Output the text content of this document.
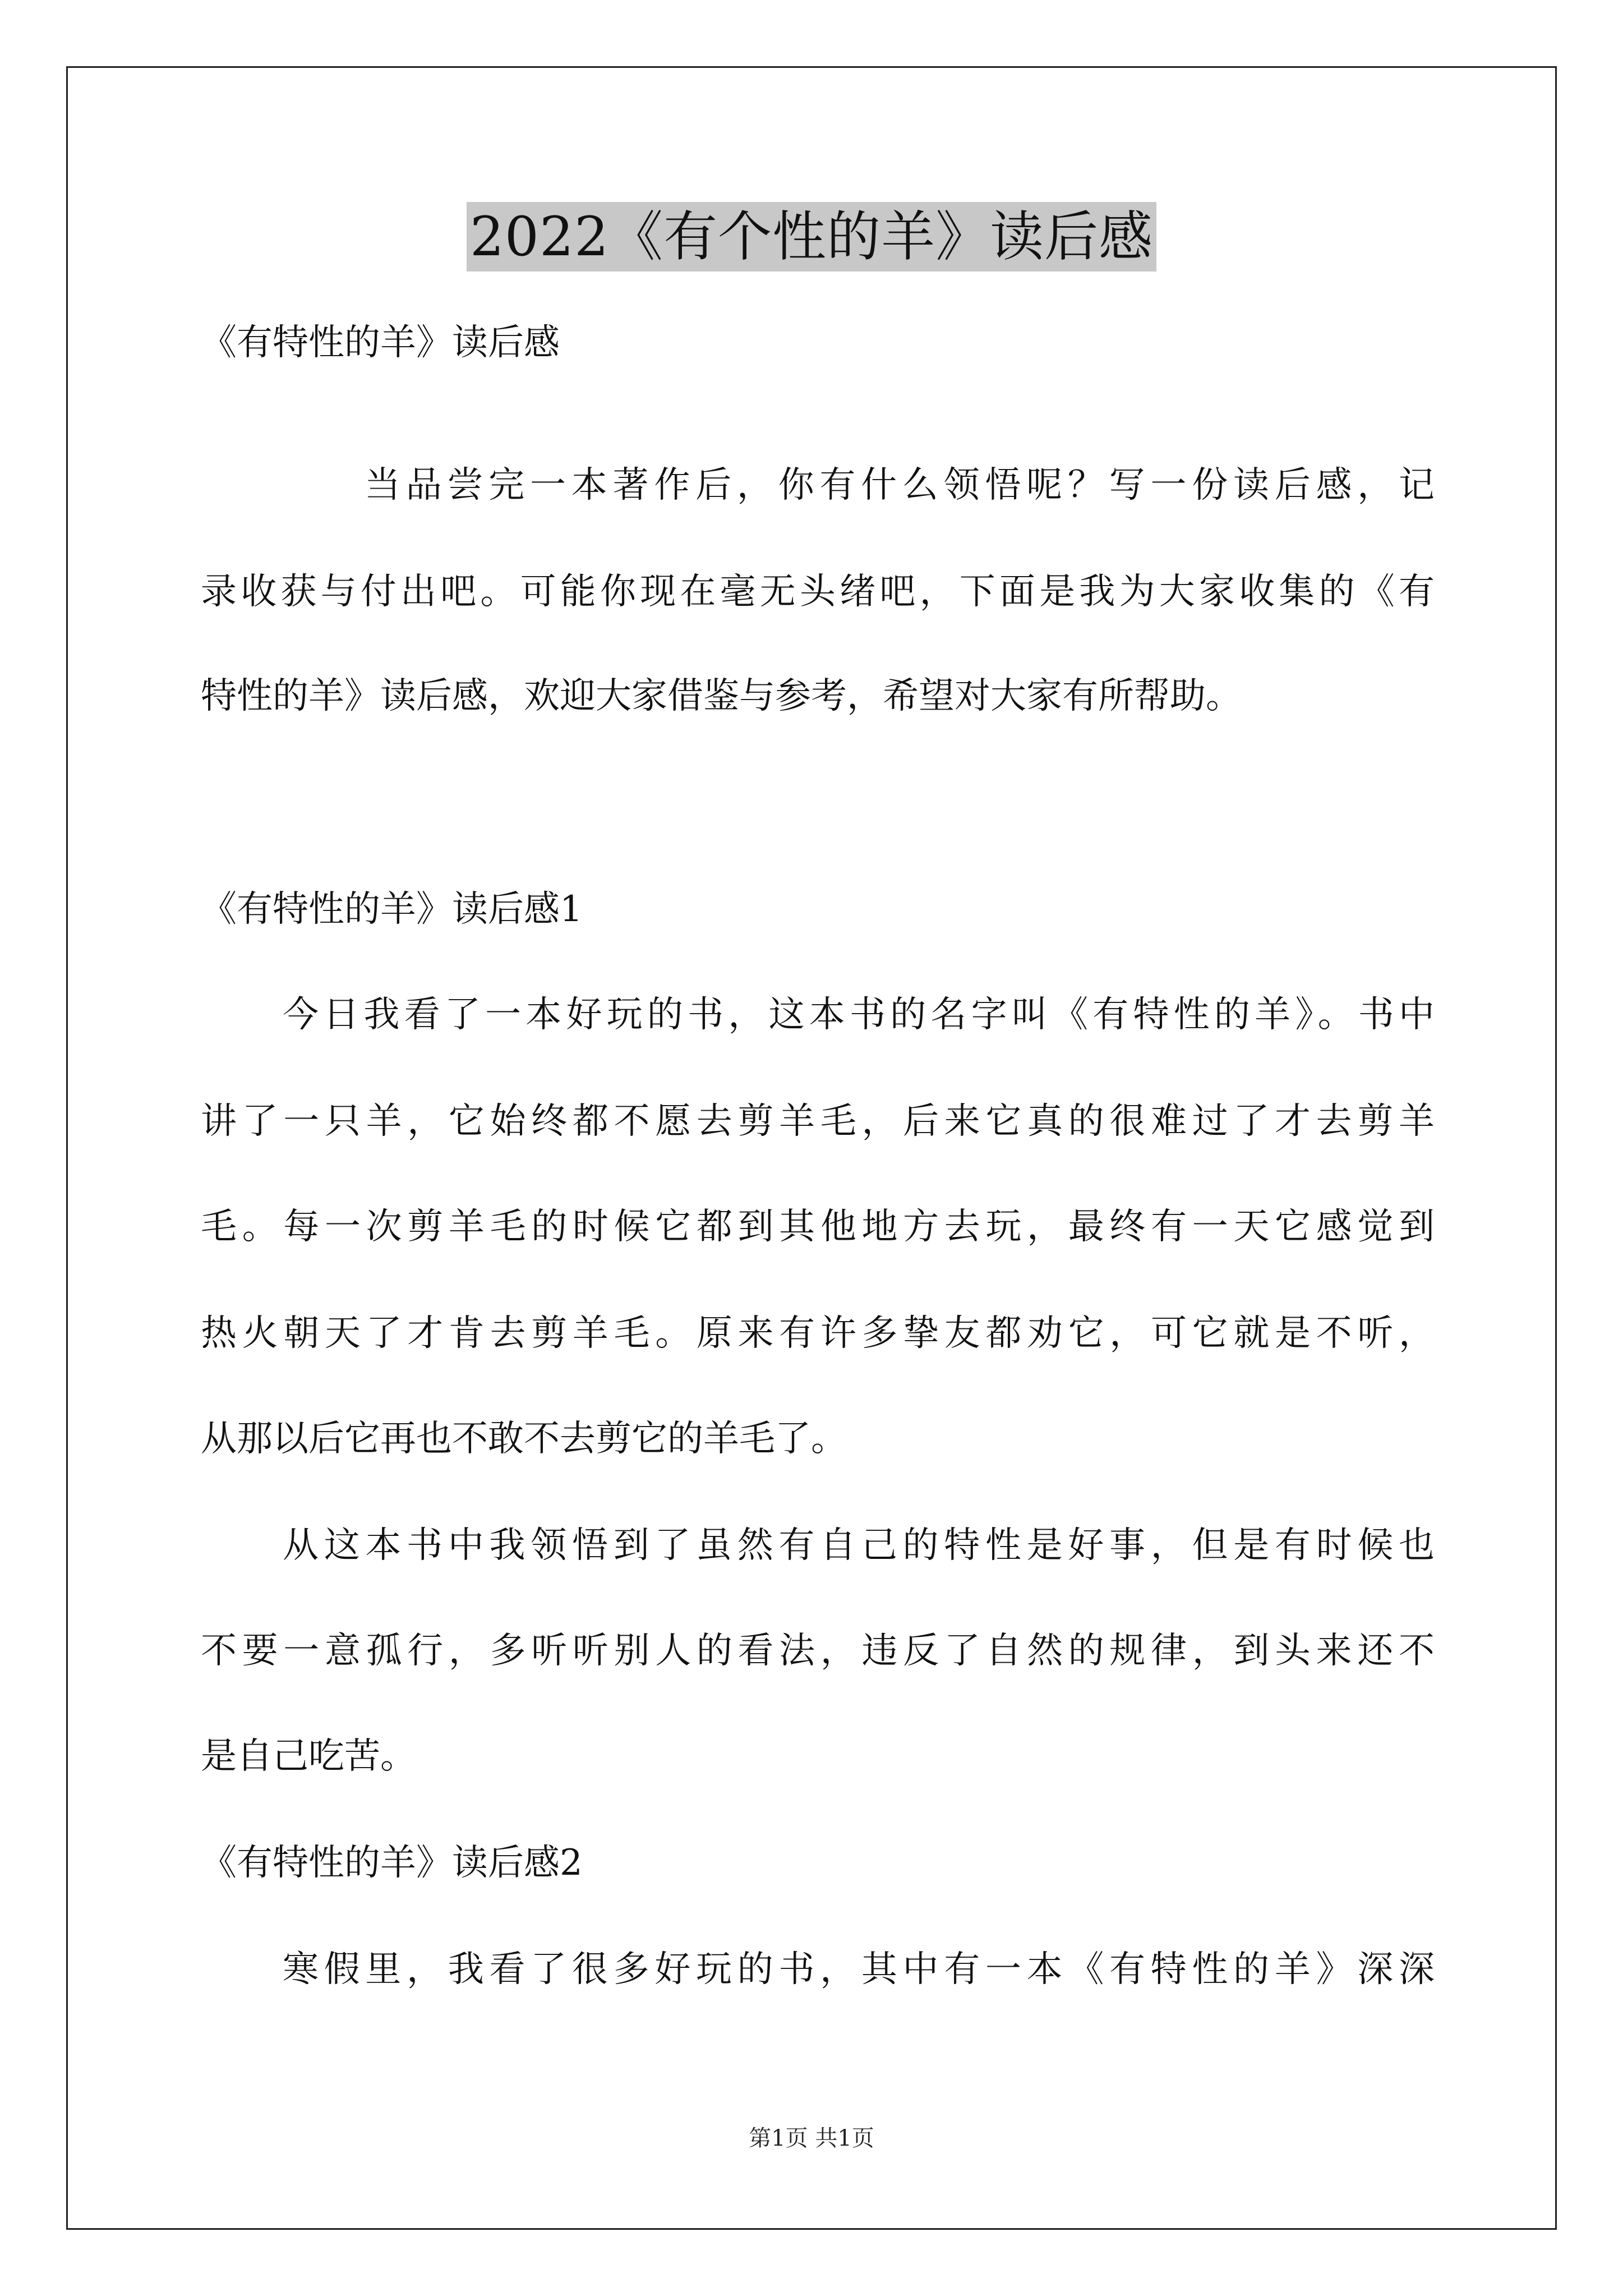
2022《有个性的羊》读后感
《有特性的羊》读后感
当品尝完一本著作后，你有什么领悟呢？写一份读后感，记
录收获与付出吧。可能你现在毫无头绪吧，下面是我为大家收集的《有
特性的羊》读后感，欢迎大家借鉴与参考，希望对大家有所帮助。
《有特性的羊》读后感1
今日我看了一本好玩的书，这本书的名字叫《有特性的羊》。书中
讲了一只羊，它始终都不愿去剪羊毛，后来它真的很难过了才去剪羊
毛。每一次剪羊毛的时候它都到其他地方去玩，最终有一天它感觉到
热火朝天了才肯去剪羊毛。原来有许多挚友都劝它，可它就是不听，
从那以后它再也不敢不去剪它的羊毛了。
从这本书中我领悟到了虽然有自己的特性是好事，但是有时候也
不要一意孤行，多听听别人的看法，违反了自然的规律，到头来还不
是自己吃苦。
《有特性的羊》读后感2
寒假里，我看了很多好玩的书，其中有一本《有特性的羊》深深
第1页 共1页
